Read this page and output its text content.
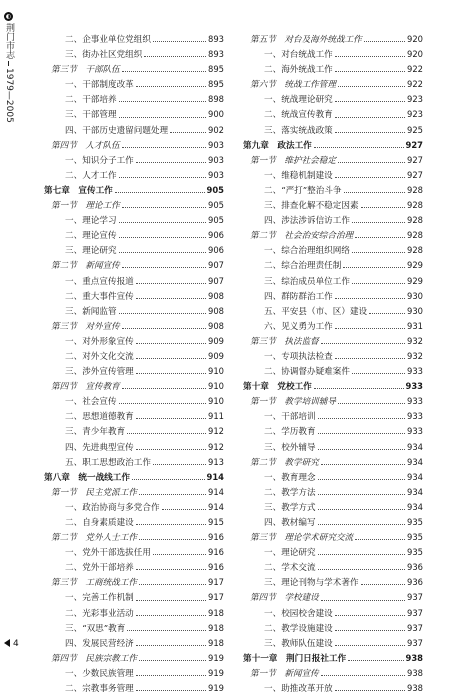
◐
荆门市志
1979—2005
二、企事业单位党组织	893
三、街办社区党组织	893
第三节　干部队伍	895
一、干部制度改革	895
二、干部培养	898
三、干部管理	900
四、干部历史遗留问题处理	902
第四节　人才队伍	903
一、知识分子工作	903
二、人才工作	903
第七章　宣传工作	905
第一节　理论工作	905
一、理论学习	905
二、理论宣传	906
三、理论研究	906
第二节　新闻宣传	907
一、重点宣传报道	907
二、重大事件宣传	908
三、新闻监管	908
第三节　对外宣传	908
一、对外形象宣传	909
二、对外文化交流	909
三、涉外宣传管理	910
第四节　宣传教育	910
一、社会宣传	910
二、思想道德教育	911
三、青少年教育	912
四、先进典型宣传	912
五、职工思想政治工作	913
第八章　统一战线工作	914
第一节　民主党派工作	914
一、政治协商与多党合作	914
二、自身素质建设	915
第二节　党外人士工作	916
一、党外干部选拔任用	916
二、党外干部培养	916
第三节　工商统战工作	917
一、完善工作机制	917
二、光彩事业活动	918
三、“双思”教育	918
四、发展民营经济	918
第四节　民族宗教工作	919
一、少数民族管理	919
二、宗教事务管理	919
第五节　对台及海外统战工作	920
一、对台统战工作	920
二、海外统战工作	922
第六节　统战工作管理	922
一、统战理论研究	923
二、统战宣传教育	923
三、落实统战政策	925
第九章　政法工作	927
第一节　维护社会稳定	927
一、维稳机制建设	927
二、“严打”整治斗争	928
三、排查化解不稳定因素	928
四、涉法涉诉信访工作	928
第二节　社会治安综合治理	928
一、综合治理组织网络	928
二、综合治理责任制	929
三、综治成员单位工作	929
四、群防群治工作	930
五、平安县（市、区）建设	930
六、见义勇为工作	931
第三节　执法监督	932
一、专项执法检查	932
二、协调督办疑难案件	933
第十章　党校工作	933
第一节　教学培训辅导	933
一、干部培训	933
二、学历教育	933
三、校外辅导	934
第二节　教学研究	934
一、教育理念	934
二、教学方法	934
三、教学方式	934
四、教材编写	935
第三节　理论学术研究交流	935
一、理论研究	935
二、学术交流	936
三、理论刊物与学术著作	936
第四节　学校建设	937
一、校园校舍建设	937
二、教学设施建设	937
三、教师队伍建设	937
第十一章　荆门日报社工作	938
第一节　新闻宣传	938
一、助推改革开放	938
4
